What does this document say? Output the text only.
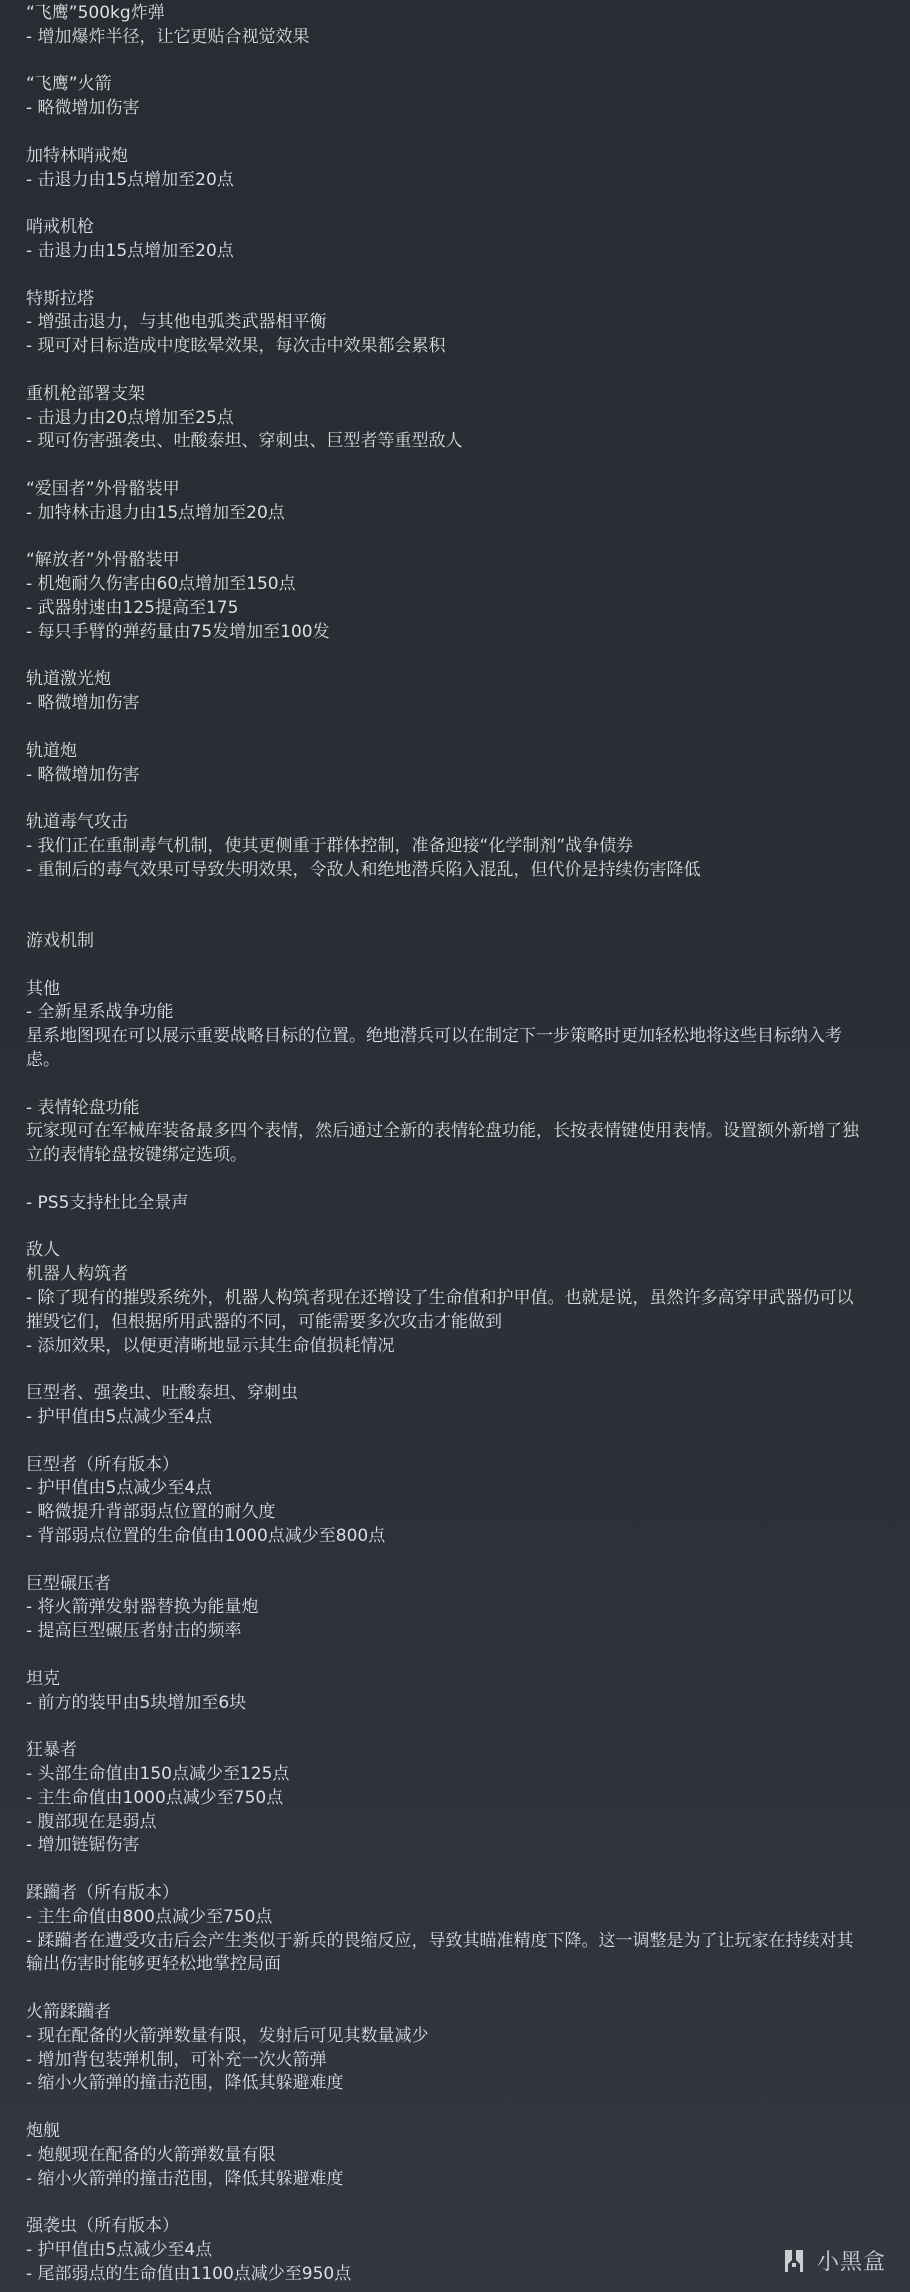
“飞鹰”500kg炸弹
- 增加爆炸半径，让它更贴合视觉效果
“飞鹰”火箭
- 略微增加伤害
加特林哨戒炮
- 击退力由15点增加至20点
哨戒机枪
- 击退力由15点增加至20点
特斯拉塔
- 增强击退力，与其他电弧类武器相平衡
- 现可对目标造成中度眩晕效果，每次击中效果都会累积
重机枪部署支架
- 击退力由20点增加至25点
- 现可伤害强袭虫、吐酸泰坦、穿刺虫、巨型者等重型敌人
“爱国者”外骨骼装甲
- 加特林击退力由15点增加至20点
“解放者”外骨骼装甲
- 机炮耐久伤害由60点增加至150点
- 武器射速由125提高至175
- 每只手臂的弹药量由75发增加至100发
轨道激光炮
- 略微增加伤害
轨道炮
- 略微增加伤害
轨道毒气攻击
- 我们正在重制毒气机制，使其更侧重于群体控制，准备迎接“化学制剂”战争债券
- 重制后的毒气效果可导致失明效果，令敌人和绝地潜兵陷入混乱，但代价是持续伤害降低
游戏机制
其他
- 全新星系战争功能
星系地图现在可以展示重要战略目标的位置。绝地潜兵可以在制定下一步策略时更加轻松地将这些目标纳入考
虑。
- 表情轮盘功能
玩家现可在军械库装备最多四个表情，然后通过全新的表情轮盘功能，长按表情键使用表情。设置额外新增了独
立的表情轮盘按键绑定选项。
- PS5支持杜比全景声
敌人
机器人构筑者
- 除了现有的摧毁系统外，机器人构筑者现在还增设了生命值和护甲值。也就是说，虽然许多高穿甲武器仍可以
摧毁它们，但根据所用武器的不同，可能需要多次攻击才能做到
- 添加效果，以便更清晰地显示其生命值损耗情况
巨型者、强袭虫、吐酸泰坦、穿刺虫
- 护甲值由5点减少至4点
巨型者（所有版本）
- 护甲值由5点减少至4点
- 略微提升背部弱点位置的耐久度
- 背部弱点位置的生命值由1000点减少至800点
巨型碾压者
- 将火箭弹发射器替换为能量炮
- 提高巨型碾压者射击的频率
坦克
- 前方的装甲由5块增加至6块
狂暴者
- 头部生命值由150点减少至125点
- 主生命值由1000点减少至750点
- 腹部现在是弱点
- 增加链锯伤害
蹂躏者（所有版本）
- 主生命值由800点减少至750点
- 蹂躏者在遭受攻击后会产生类似于新兵的畏缩反应，导致其瞄准精度下降。这一调整是为了让玩家在持续对其
输出伤害时能够更轻松地掌控局面
火箭蹂躏者
- 现在配备的火箭弹数量有限，发射后可见其数量减少
- 增加背包装弹机制，可补充一次火箭弹
- 缩小火箭弹的撞击范围，降低其躲避难度
炮舰
- 炮舰现在配备的火箭弹数量有限
- 缩小火箭弹的撞击范围，降低其躲避难度
强袭虫（所有版本）
- 护甲值由5点减少至4点
- 尾部弱点的生命值由1100点减少至950点	小黑盒
